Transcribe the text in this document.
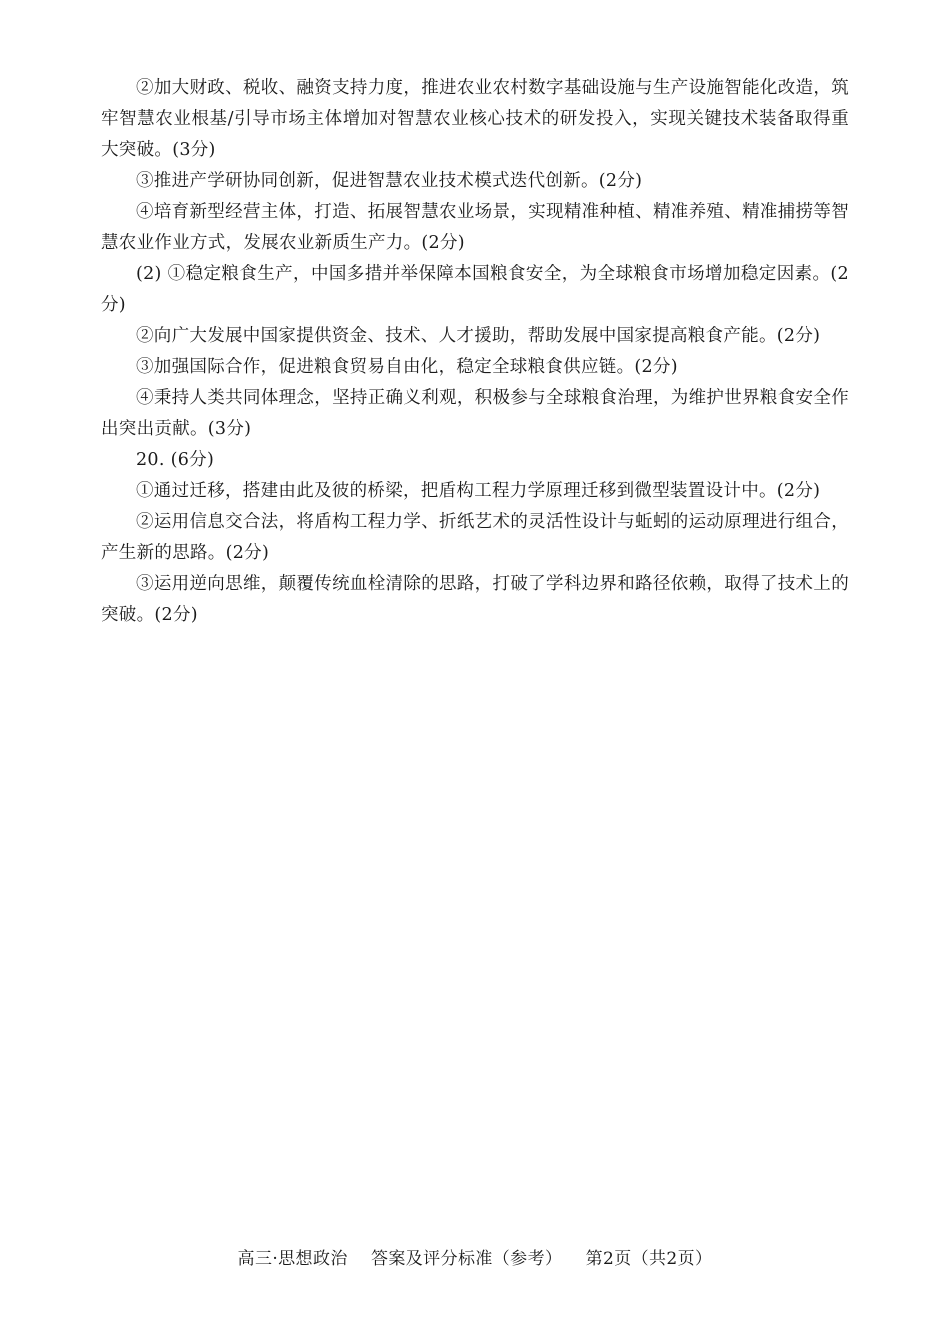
②加大财政、税收、融资支持力度，推进农业农村数字基础设施与生产设施智能化改造，筑牢智慧农业根基/引导市场主体增加对智慧农业核心技术的研发投入，实现关键技术装备取得重大突破。(3分)

③推进产学研协同创新，促进智慧农业技术模式迭代创新。(2分)

④培育新型经营主体，打造、拓展智慧农业场景，实现精准种植、精准养殖、精准捕捞等智慧农业作业方式，发展农业新质生产力。(2分)

(2) ①稳定粮食生产，中国多措并举保障本国粮食安全，为全球粮食市场增加稳定因素。(2分)

②向广大发展中国家提供资金、技术、人才援助，帮助发展中国家提高粮食产能。(2分)

③加强国际合作，促进粮食贸易自由化，稳定全球粮食供应链。(2分)

④秉持人类共同体理念，坚持正确义利观，积极参与全球粮食治理，为维护世界粮食安全作出突出贡献。(3分)

20. (6分)

①通过迁移，搭建由此及彼的桥梁，把盾构工程力学原理迁移到微型装置设计中。(2分)

②运用信息交合法，将盾构工程力学、折纸艺术的灵活性设计与蚯蚓的运动原理进行组合，产生新的思路。(2分)

③运用逆向思维，颠覆传统血栓清除的思路，打破了学科边界和路径依赖，取得了技术上的突破。(2分)

高三·思想政治 答案及评分标准（参考） 第2页（共2页）
